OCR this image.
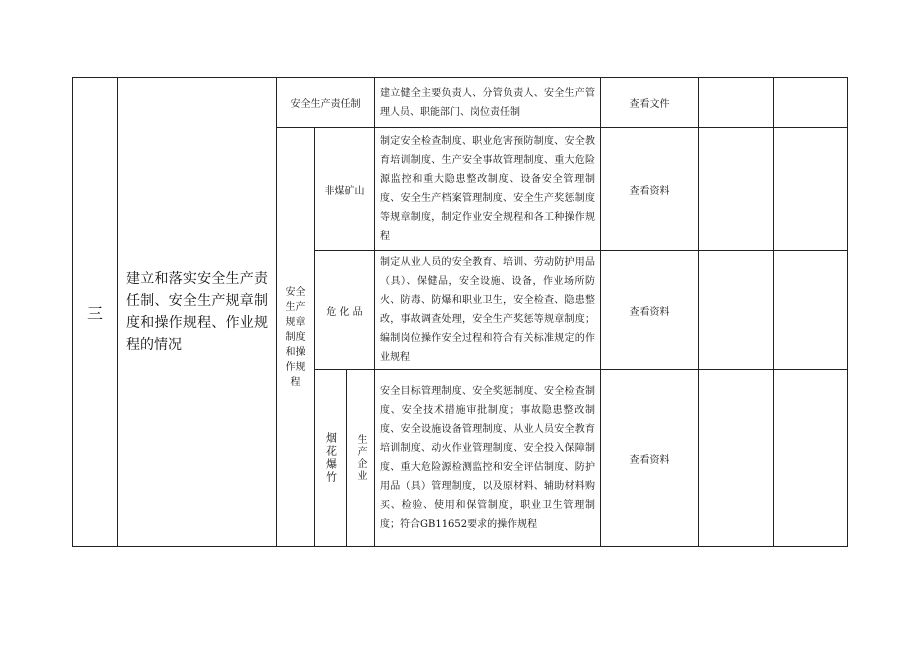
三
建立和落实安全生产责任制、安全生产规章制度和操作规程、作业规程的情况
安全生产责任制
建立健全主要负责人、分管负责人、安全生产管理人员、职能部门、岗位责任制
查看文件
安全生产规章制度和操作规程
非煤矿山
制定安全检查制度、职业危害预防制度、安全教育培训制度、生产安全事故管理制度、重大危险源监控和重大隐患整改制度、设备安全管理制度、安全生产档案管理制度、安全生产奖惩制度等规章制度，制定作业安全规程和各工种操作规程
查看资料
危 化 品
制定从业人员的安全教育、培训、劳动防护用品（具）、保健品，安全设施、设备，作业场所防火、防毒、防爆和职业卫生，安全检查、隐患整改，事故调查处理，安全生产奖惩等规章制度；编制岗位操作安全过程和符合有关标准规定的作业规程
查看资料
烟花爆竹 生产企业
安全目标管理制度、安全奖惩制度、安全检查制度、安全技术措施审批制度；事故隐患整改制度、安全设施设备管理制度、从业人员安全教育培训制度、动火作业管理制度、安全投入保障制度、重大危险源检测监控和安全评估制度、防护用品（具）管理制度，以及原材料、辅助材料购买、检验、使用和保管制度，职业卫生管理制度；符合GB11652要求的操作规程
查看资料
